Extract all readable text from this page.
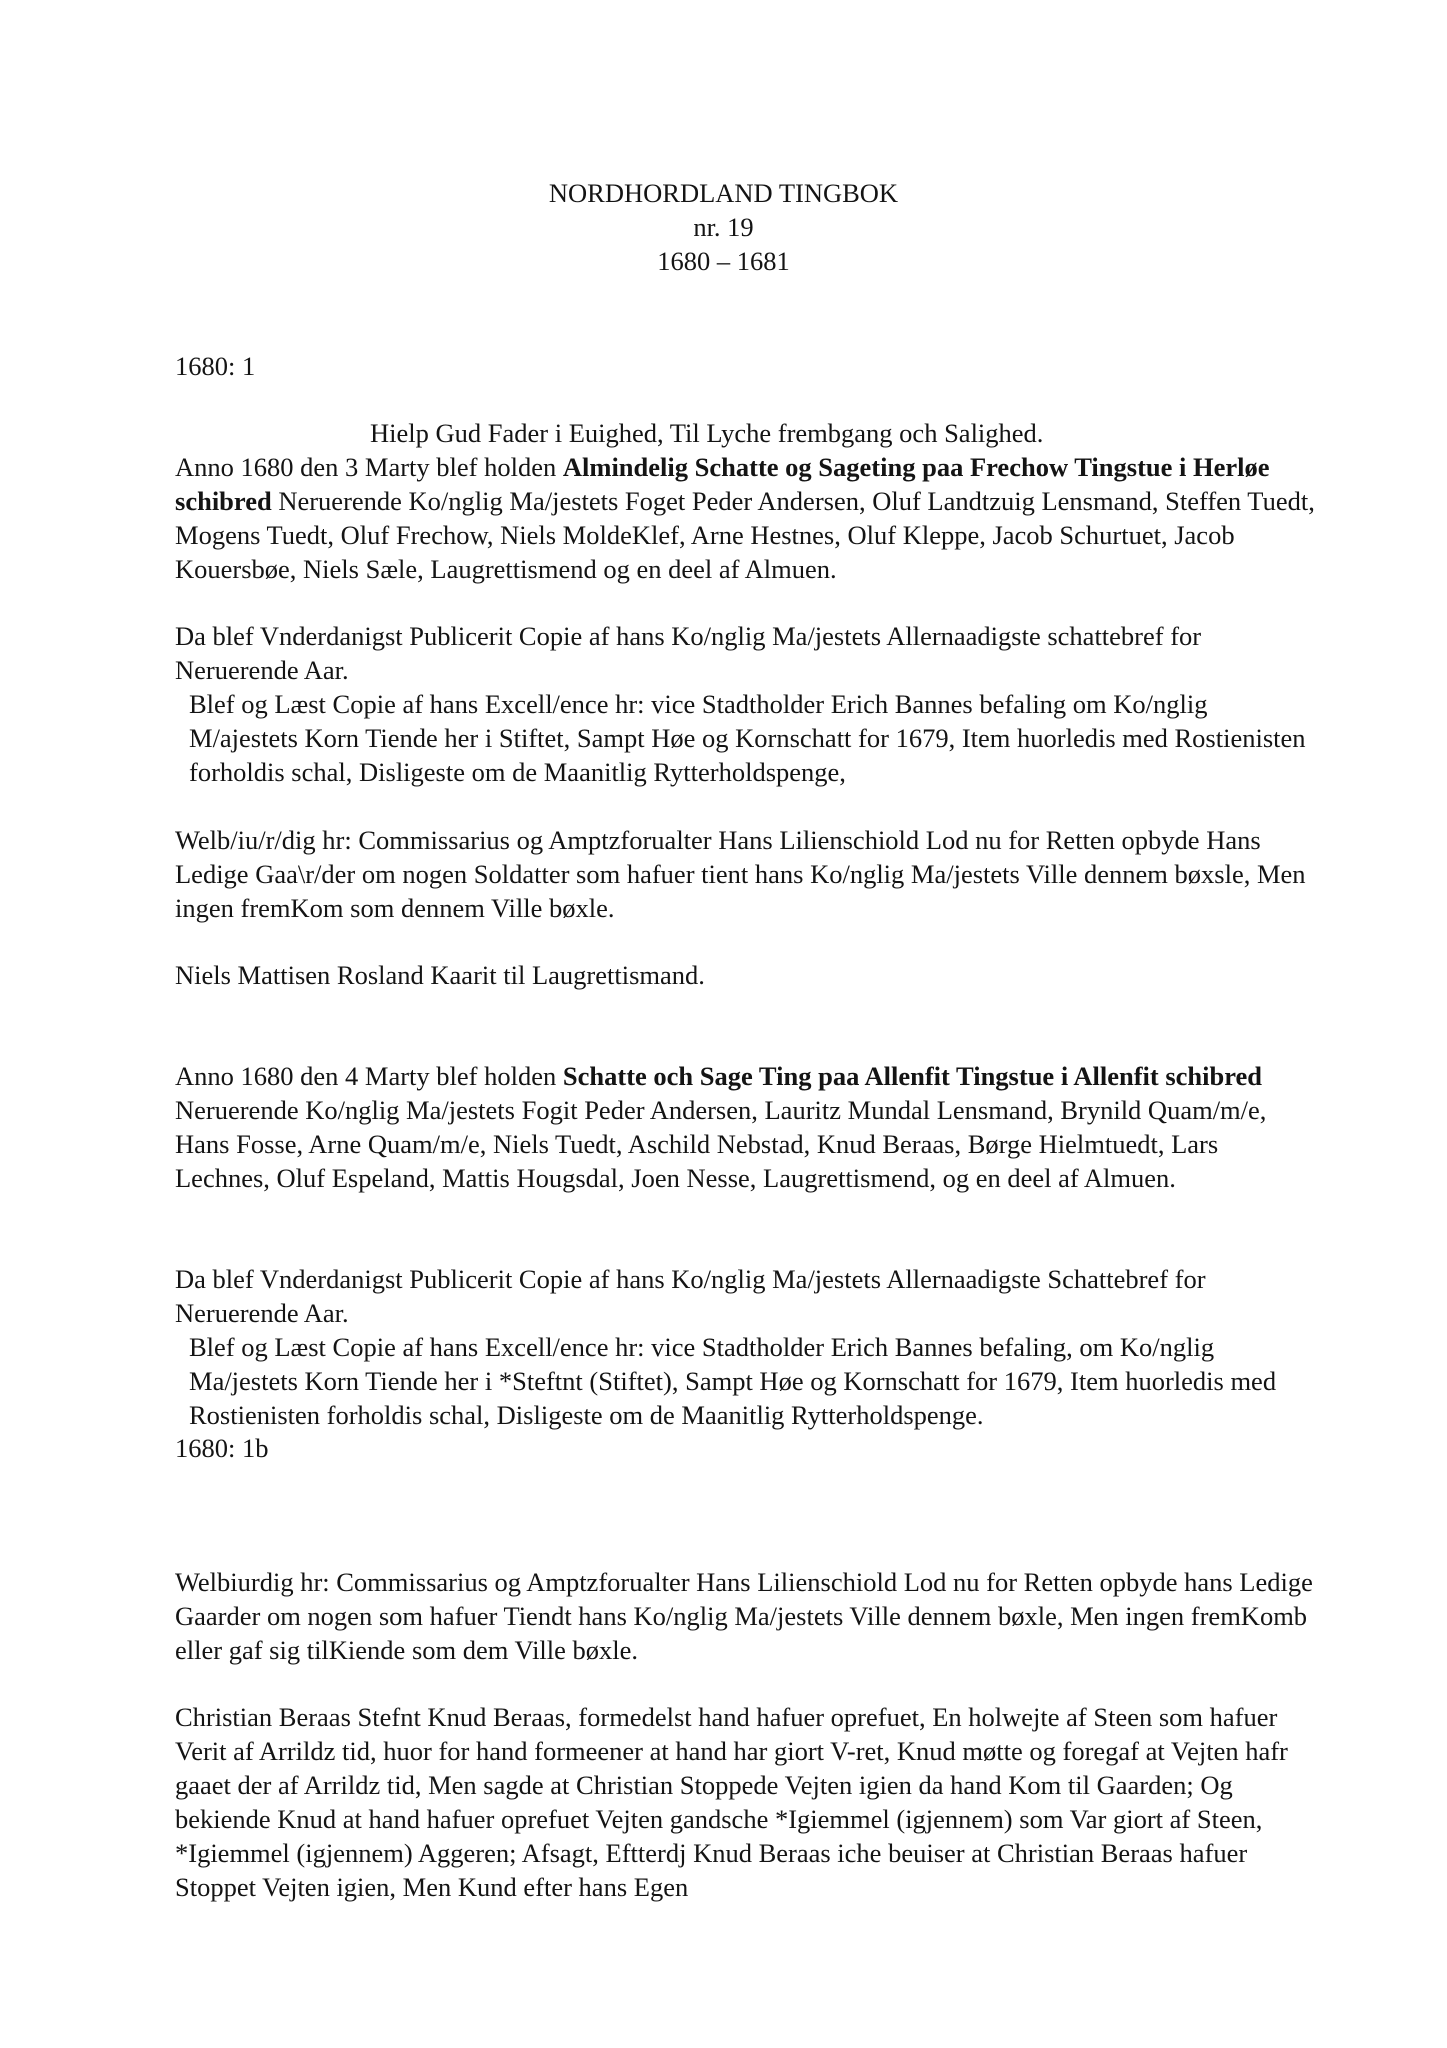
NORDHORDLAND TINGBOK
nr. 19
1680 – 1681
1680: 1

Hielp Gud Fader i Euighed, Til Lyche frembgang och Salighed.

Anno 1680 den 3 Marty blef holden Almindelig Schatte og Sageting paa Frechow Tingstue i Herløe schibred Neruerende Ko/nglig Ma/jestets Foget Peder Andersen, Oluf Landtzuig Lensmand, Steffen Tuedt, Mogens Tuedt, Oluf Frechow, Niels MoldeKlef, Arne Hestnes, Oluf Kleppe, Jacob Schurtuet, Jacob Kouersbøe, Niels Sæle, Laugrettismend og en deel af Almuen.

Da blef Vnderdanigst Publicerit Copie af hans Ko/nglig Ma/jestets Allernaadigste schattebref for Neruerende Aar.

Blef og Læst Copie af hans Excell/ence hr: vice Stadtholder Erich Bannes befaling om Ko/nglig M/ajestets Korn Tiende her i Stiftet, Sampt Høe og Kornschatt for 1679, Item huorledis med Rostienisten forholdis schal, Disligeste om de Maanitlig Rytterholdspenge,

Welb/iu/r/dig hr: Commissarius og Amptzforualter Hans Lilienschiold Lod nu for Retten opbyde Hans Ledige Gaa\r/der om nogen Soldatter som hafuer tient hans Ko/nglig Ma/jestets Ville dennem bøxsle, Men ingen fremKom som dennem Ville bøxle.

Niels Mattisen Rosland Kaarit til Laugrettismand.

Anno 1680 den 4 Marty blef holden Schatte och Sage Ting paa Allenfit Tingstue i Allenfit schibred Neruerende Ko/nglig Ma/jestets Fogit Peder Andersen, Lauritz Mundal Lensmand, Brynild Quam/m/e, Hans Fosse, Arne Quam/m/e, Niels Tuedt, Aschild Nebstad, Knud Beraas, Børge Hielmtuedt, Lars Lechnes, Oluf Espeland, Mattis Hougsdal, Joen Nesse, Laugrettismend, og en deel af Almuen.

Da blef Vnderdanigst Publicerit Copie af hans Ko/nglig Ma/jestets Allernaadigste Schattebref for Neruerende Aar.

Blef og Læst Copie af hans Excell/ence hr: vice Stadtholder Erich Bannes befaling, om Ko/nglig Ma/jestets Korn Tiende her i *Steftnt (Stiftet), Sampt Høe og Kornschatt for 1679, Item huorledis med Rostienisten forholdis schal, Disligeste om de Maanitlig Rytterholdspenge.

1680: 1b

Welbiurdig hr: Commissarius og Amptzforualter Hans Lilienschiold Lod nu for Retten opbyde hans Ledige Gaarder om nogen som hafuer Tiendt hans Ko/nglig Ma/jestets Ville dennem bøxle, Men ingen fremKomb eller gaf sig tilKiende som dem Ville bøxle.

Christian Beraas Stefnt Knud Beraas, formedelst hand hafuer oprefuet, En holwejte af Steen som hafuer Verit af Arrildz tid, huor for hand formeener at hand har giort V-ret, Knud møtte og foregaf at Vejten hafr gaaet der af Arrildz tid, Men sagde at Christian Stoppede Vejten igien da hand Kom til Gaarden; Og bekiende Knud at hand hafuer oprefuet Vejten gandsche *Igiemmel (igjennem) som Var giort af Steen, *Igiemmel (igjennem) Aggeren; Afsagt, Eftterdj Knud Beraas iche beuiser at Christian Beraas hafuer Stoppet Vejten igien, Men Kund efter hans Egen
